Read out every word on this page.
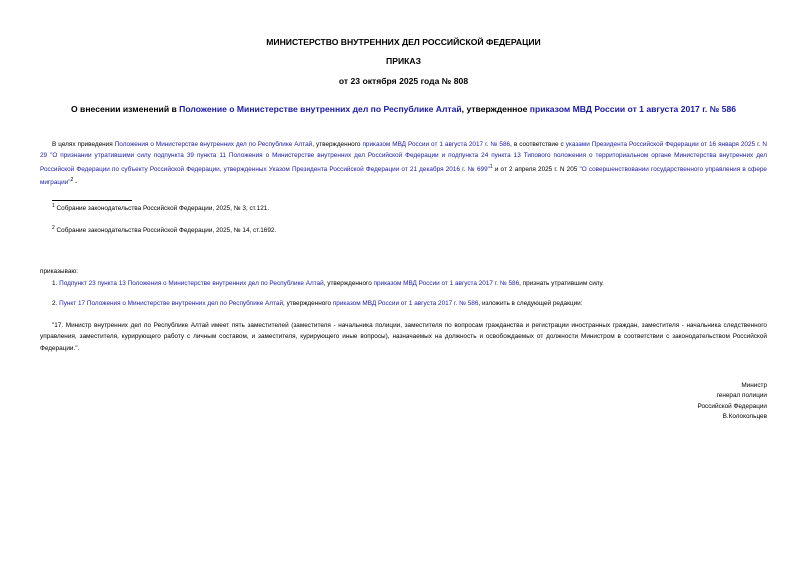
МИНИСТЕРСТВО ВНУТРЕННИХ ДЕЛ РОССИЙСКОЙ ФЕДЕРАЦИИ
ПРИКАЗ
от 23 октября 2025 года № 808
О внесении изменений в Положение о Министерстве внутренних дел по Республике Алтай, утвержденное приказом МВД России от 1 августа 2017 г. № 586
В целях приведения Положения о Министерстве внутренних дел по Республике Алтай, утвержденного приказом МВД России от 1 августа 2017 г. № 586, в соответствие с указами Президента Российской Федерации от 16 января 2025 г. N 29 "О признании утратившими силу подпункта 39 пункта 11 Положения о Министерстве внутренних дел Российской Федерации и подпункта 24 пункта 13 Типового положения о территориальном органе Министерства внутренних дел Российской Федерации по субъекту Российской Федерации, утвержденных Указом Президента Российской Федерации от 21 декабря 2016 г. № 699"$^1$ и от 2 апреля 2025 г. N 205 "О совершенствовании государственного управления в сфере миграции"$^2$ -
$^1$ Собрание законодательства Российской Федерации, 2025, № 3, ст.121.
$^2$ Собрание законодательства Российской Федерации, 2025, № 14, ст.1692.
приказываю:
1. Подпункт 23 пункта 13 Положения о Министерстве внутренних дел по Республике Алтай, утвержденного приказом МВД России от 1 августа 2017 г. № 586, признать утратившим силу.
2. Пункт 17 Положения о Министерстве внутренних дел по Республике Алтай, утвержденного приказом МВД России от 1 августа 2017 г. № 586, изложить в следующей редакции:
"17. Министр внутренних дел по Республике Алтай имеет пять заместителей (заместителя - начальника полиции, заместителя по вопросам гражданства и регистрации иностранных граждан, заместителя - начальника следственного управления, заместителя, курирующего работу с личным составом, и заместителя, курирующего иные вопросы), назначаемых на должность и освобождаемых от должности Министром в соответствии с законодательством Российской Федерации.".
Министр
генерал полиции
Российской Федерации
В.Колокольцев
